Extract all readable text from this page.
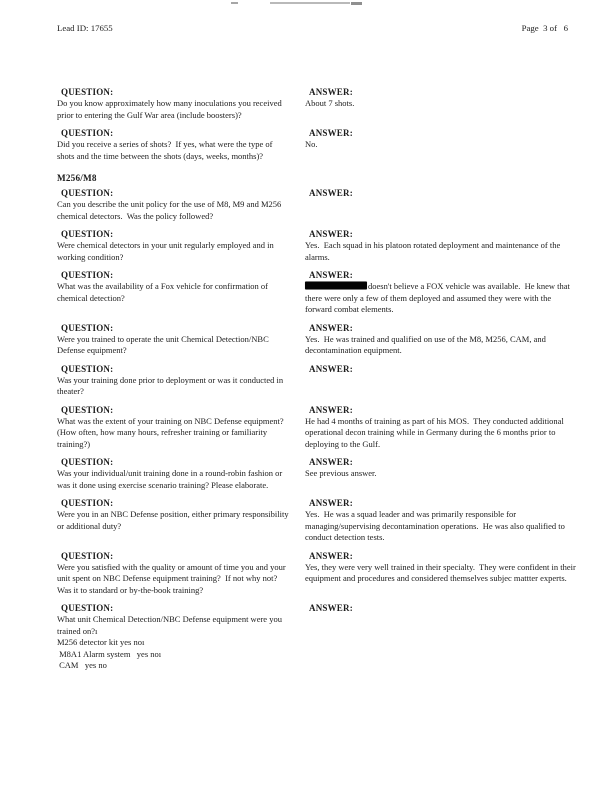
Lead ID: 17655	Page  3 of   6
QUESTION:
Do you know approximately how many inoculations you received prior to entering the Gulf War area (include boosters)?
ANSWER:
About 7 shots.
QUESTION:
Did you receive a series of shots?  If yes, what were the type of shots and the time between the shots (days, weeks, months)?
ANSWER:
No.
M256/M8
QUESTION:
Can you describe the unit policy for the use of M8, M9 and M256 chemical detectors.  Was the policy followed?
ANSWER:
QUESTION:
Were chemical detectors in your unit regularly employed and in working condition?
ANSWER:
Yes.  Each squad in his platoon rotated deployment and maintenance of the alarms.
QUESTION:
What was the availability of a Fox vehicle for confirmation of chemical detection?
ANSWER:
doesn't believe a FOX vehicle was available.  He knew that there were only a few of them deployed and assumed they were with the forward combat elements.
QUESTION:
Were you trained to operate the unit Chemical Detection/NBC Defense equipment?
ANSWER:
Yes.  He was trained and qualified on use of the M8, M256, CAM, and decontamination equipment.
QUESTION:
Was your training done prior to deployment or was it conducted in theater?
ANSWER:
QUESTION:
What was the extent of your training on NBC Defense equipment?  (How often, how many hours, refresher training or familiarity training?)
ANSWER:
He had 4 months of training as part of his MOS.  They conducted additional operational decon training while in Germany during the 6 months prior to deploying to the Gulf.
QUESTION:
Was your individual/unit training done in a round-robin fashion or was it done using exercise scenario training? Please elaborate.
ANSWER:
See previous answer.
QUESTION:
Were you in an NBC Defense position, either primary responsibility or additional duty?
ANSWER:
Yes.  He was a squad leader and was primarily responsible for managing/supervising decontamination operations.  He was also qualified to conduct detection tests.
QUESTION:
Were you satisfied with the quality or amount of time you and your unit spent on NBC Defense equipment training?  If not why not?  Was it to standard or by-the-book training?
ANSWER:
Yes, they were very well trained in their specialty.  They were confident in their equipment and procedures and considered themselves subjec mattter experts.
QUESTION:
What unit Chemical Detection/NBC Defense equipment were you trained on?ı
M256 detector kit yes noı
M8A1 Alarm system   yes noı
CAM   yes no
ANSWER:
